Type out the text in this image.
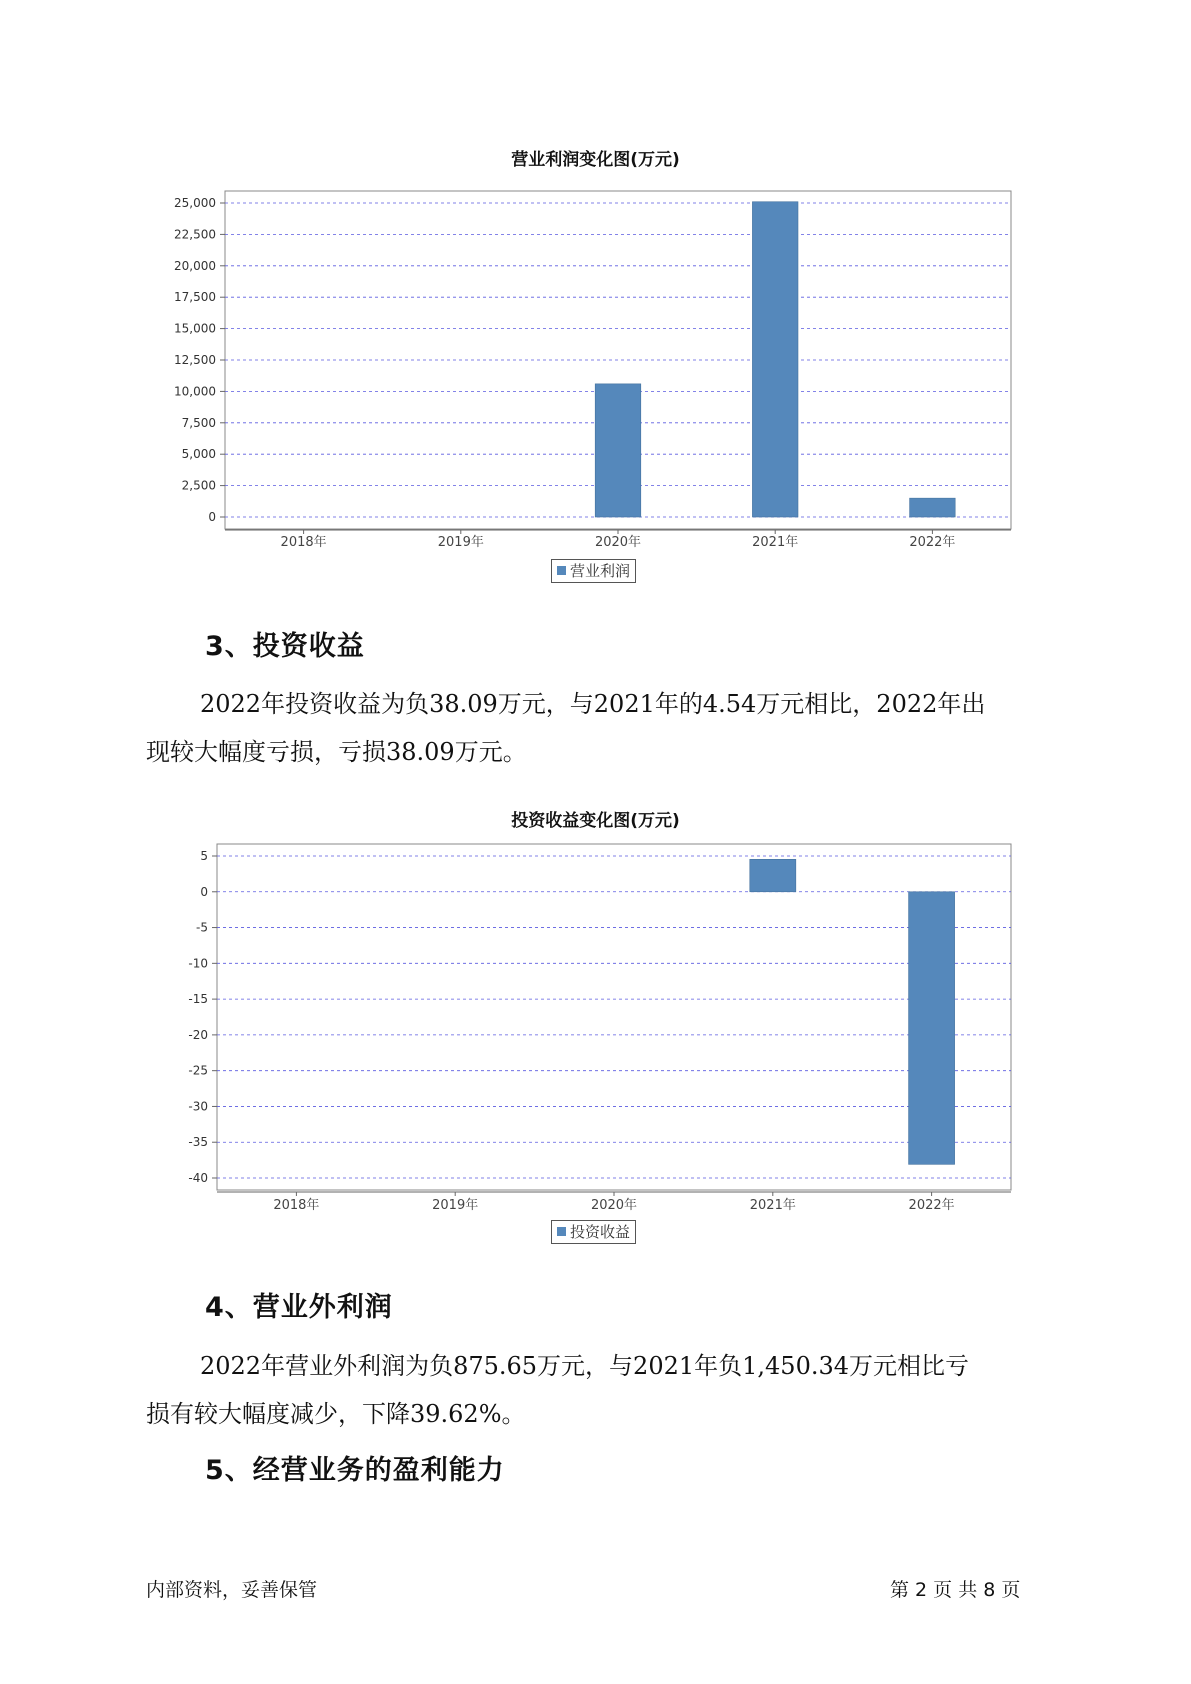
营业利润变化图(万元)
0
2,500
5,000
7,500
10,000
12,500
15,000
17,500
20,000
22,500
25,000
2018年	2019年	2020年	2021年	2022年
营业利润
3、投资收益
2022年投资收益为负38.09万元，与2021年的4.54万元相比，2022年出
现较大幅度亏损，亏损38.09万元。
投资收益变化图(万元)
5
0
-5
-10
-15
-20
-25
-30
-35
-40
2018年	2019年	2020年	2021年	2022年
投资收益
4、营业外利润
2022年营业外利润为负875.65万元，与2021年负1,450.34万元相比亏
损有较大幅度减少，下降39.62%。
5、经营业务的盈利能力
内部资料，妥善保管	第 2 页 共 8 页
